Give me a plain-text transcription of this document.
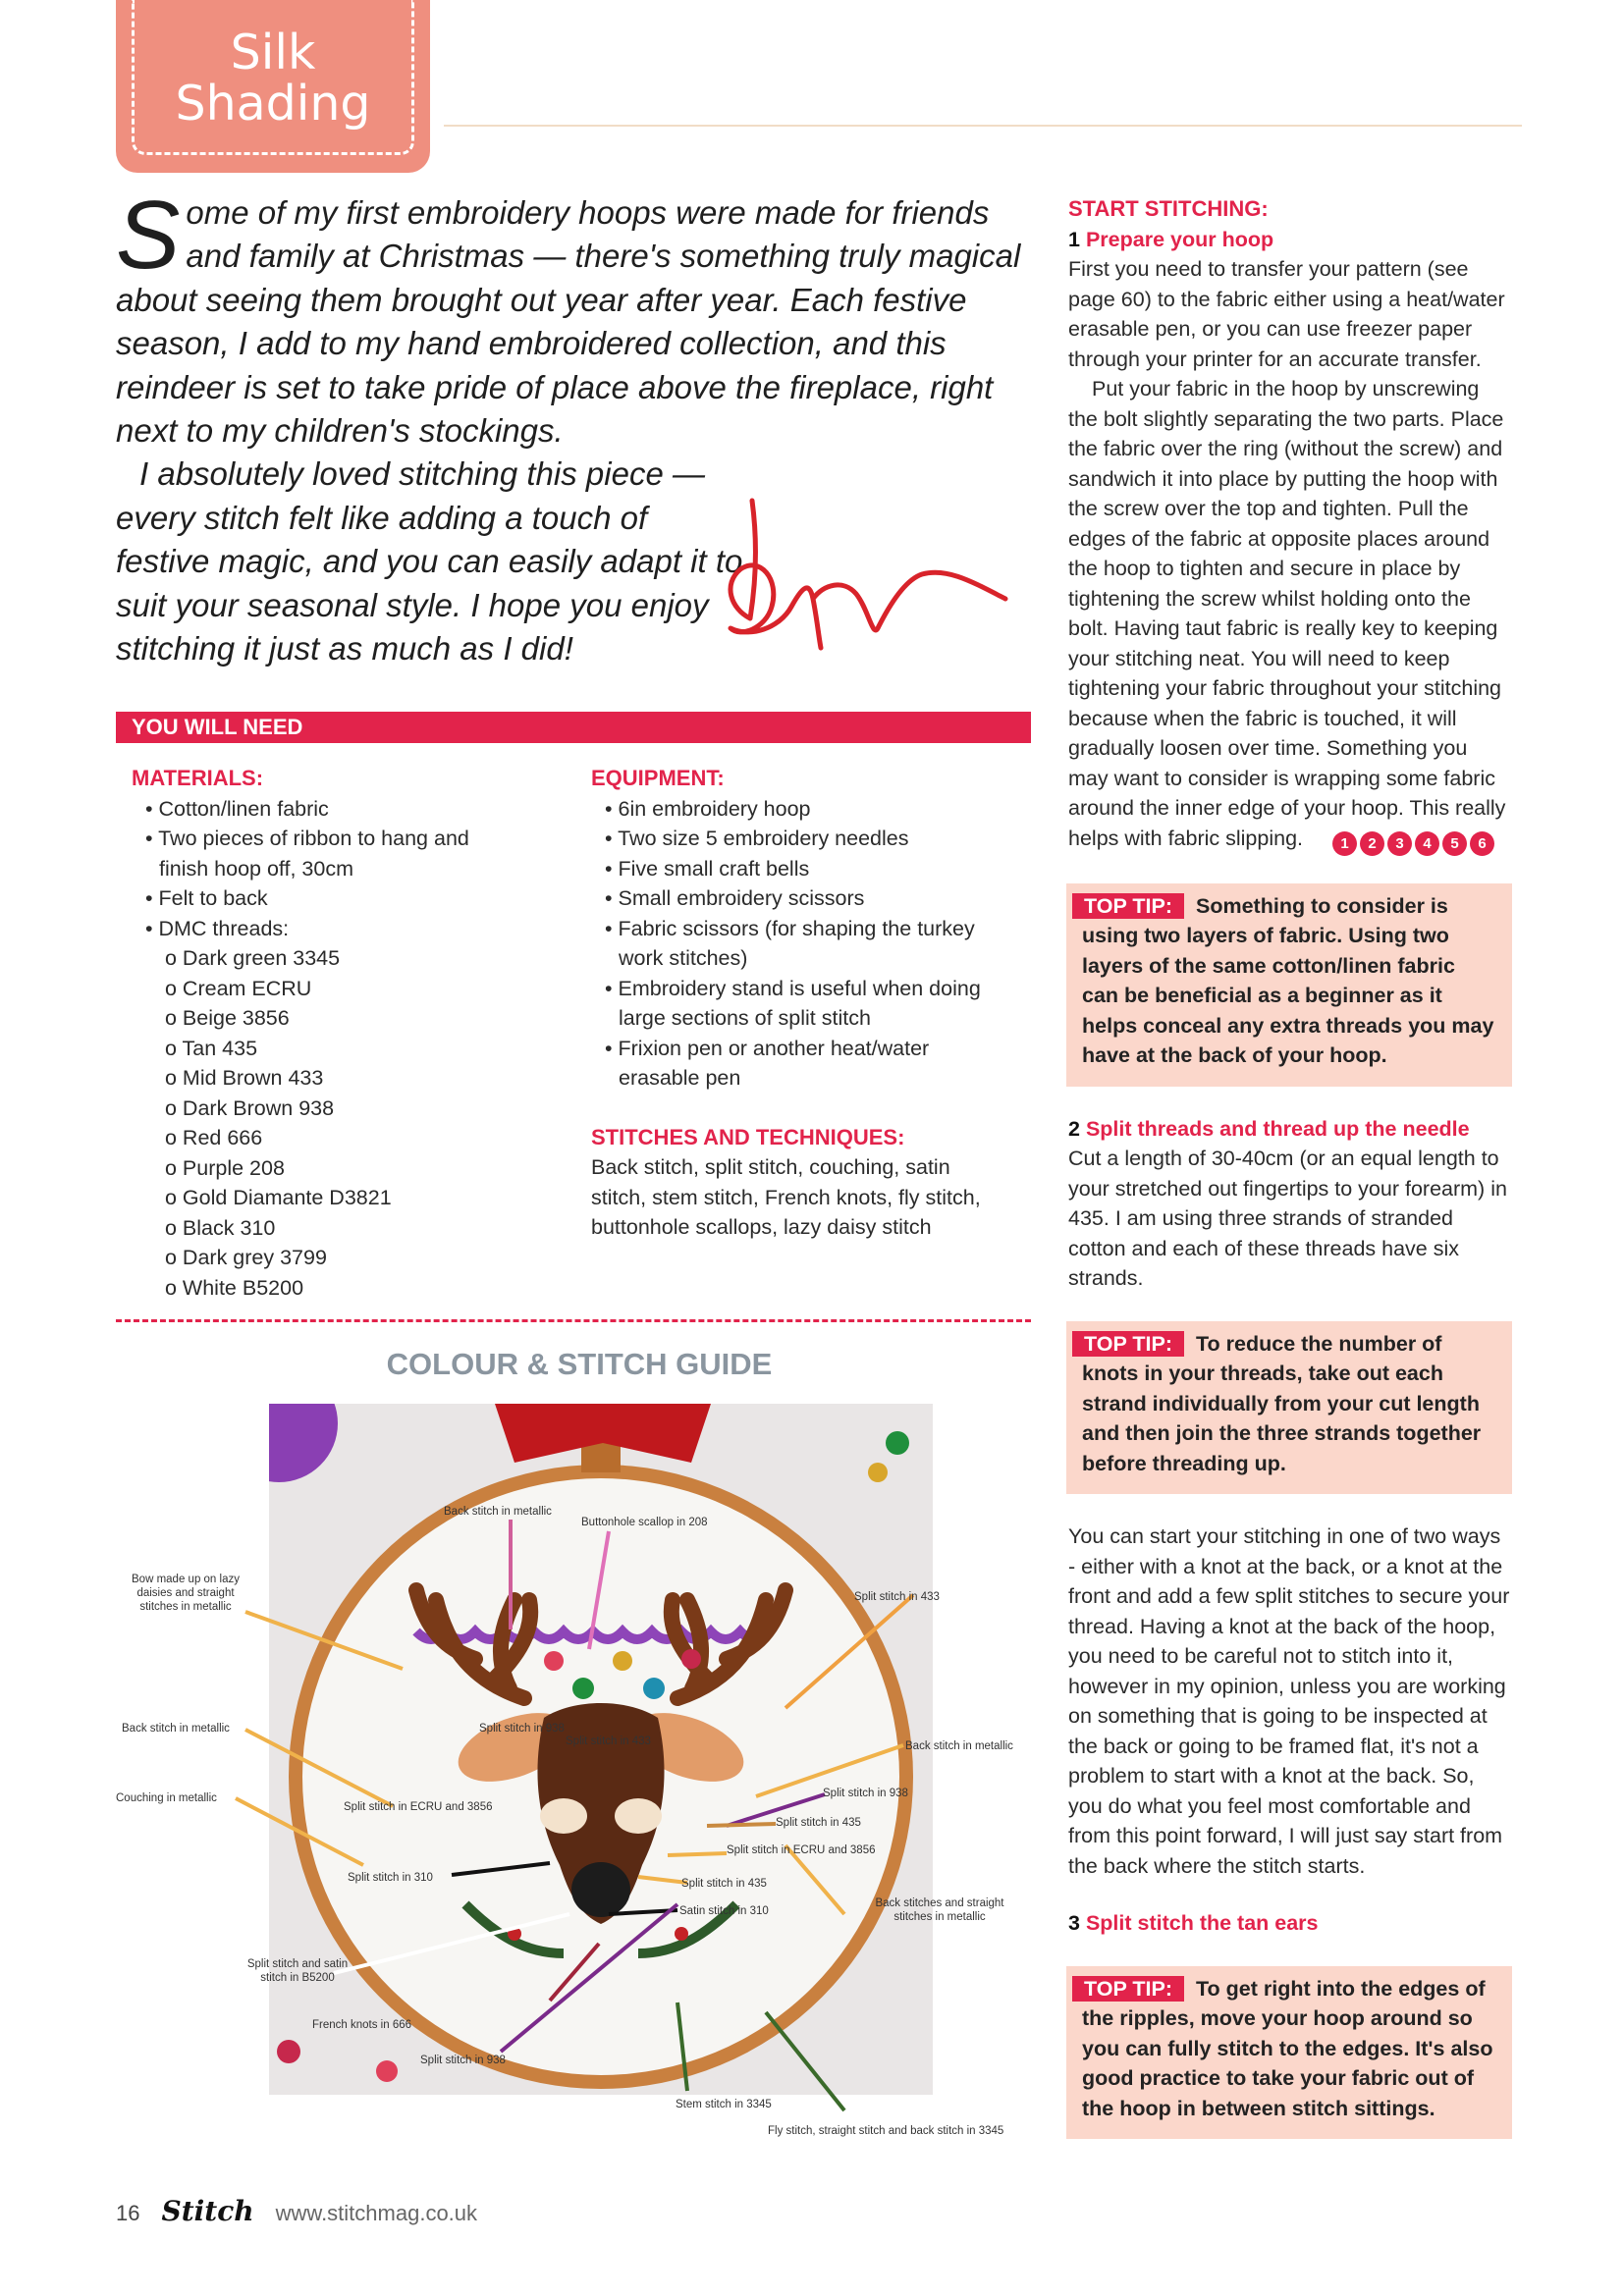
Silk
Shading

Some of my first embroidery hoops were made for friends and family at Christmas — there's something truly magical about seeing them brought out year after year. Each festive season, I add to my hand embroidered collection, and this reindeer is set to take pride of place above the fireplace, right next to my children's stockings.

I absolutely loved stitching this piece — every stitch felt like adding a touch of festive magic, and you can easily adapt it to suit your seasonal style. I hope you enjoy stitching it just as much as I did!

YOU WILL NEED
MATERIALS:
• Cotton/linen fabric
• Two pieces of ribbon to hang and finish hoop off, 30cm
• Felt to back
• DMC threads:
o Dark green 3345
o Cream ECRU
o Beige 3856
o Tan 435
o Mid Brown 433
o Dark Brown 938
o Red 666
o Purple 208
o Gold Diamante D3821
o Black 310
o Dark grey 3799
o White B5200
EQUIPMENT:
• 6in embroidery hoop
• Two size 5 embroidery needles
• Five small craft bells
• Small embroidery scissors
• Fabric scissors (for shaping the turkey work stitches)
• Embroidery stand is useful when doing large sections of split stitch
• Frixion pen or another heat/water erasable pen
STITCHES AND TECHNIQUES:

Back stitch, split stitch, couching, satin stitch, stem stitch, French knots, fly stitch, buttonhole scallops, lazy daisy stitch

COLOUR & STITCH GUIDE
Back stitch in metallic
Buttonhole scallop in 208
Bow made up on lazy daisies and straight stitches in metallic
Split stitch in 433
Back stitch in metallic	Split stitch in 938
Split stitch in 433	Back stitch in metallic
Couching in metallic	Split stitch in 938
Split stitch in ECRU and 3856
Split stitch in 435
Split stitch in ECRU and 3856
Split stitch in 310	Split stitch in 435
Back stitches and straight stitches in metallic
Satin stitch in 310
Split stitch and satin stitch in B5200
French knots in 666
Split stitch in 938
Stem stitch in 3345
Fly stitch, straight stitch and back stitch in 3345
START STITCHING:
1 Prepare your hoop

First you need to transfer your pattern (see page 60) to the fabric either using a heat/water erasable pen, or you can use freezer paper through your printer for an accurate transfer.

Put your fabric in the hoop by unscrewing the bolt slightly separating the two parts. Place the fabric over the ring (without the screw) and sandwich it into place by putting the hoop with the screw over the top and tighten. Pull the edges of the fabric at opposite places around the hoop to tighten and secure in place by tightening the screw whilst holding onto the bolt. Having taut fabric is really key to keeping your stitching neat. You will need to keep tightening your fabric throughout your stitching because when the fabric is touched, it will gradually loosen over time. Something you may want to consider is wrapping some fabric around the inner edge of your hoop. This really helps with fabric slipping.	1 2 3 4 5 6

TOP TIP: Something to consider is using two layers of fabric. Using two layers of the same cotton/linen fabric can be beneficial as a beginner as it helps conceal any extra threads you may have at the back of your hoop.
2 Split threads and thread up the needle

Cut a length of 30-40cm (or an equal length to your stretched out fingertips to your forearm) in 435. I am using three strands of stranded cotton and each of these threads have six strands.

TOP TIP: To reduce the number of knots in your threads, take out each strand individually from your cut length and then join the three strands together before threading up.

You can start your stitching in one of two ways - either with a knot at the back, or a knot at the front and add a few split stitches to secure your thread. Having a knot at the back of the hoop, you need to be careful not to stitch into it, however in my opinion, unless you are working on something that is going to be inspected at the back or going to be framed flat, it's not a problem to start with a knot at the back. So, you do what you feel most comfortable and from this point forward, I will just say start from the back where the stitch starts.

3 Split stitch the tan ears
TOP TIP: To get right into the edges of the ripples, move your hoop around so you can fully stitch to the edges. It's also good practice to take your fabric out of the hoop in between stitch sittings.
16 Stitch www.stitchmag.co.uk
